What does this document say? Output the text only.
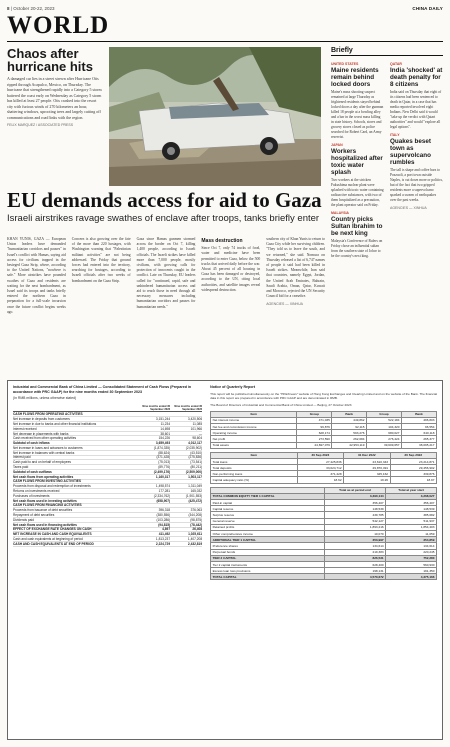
8 | October 20-22, 2023	CHINA DAILY
WORLD
Chaos after hurricane hits

A damaged car lies in a street strewn after Hurricane Otis ripped through Acapulco, Mexico, on Thursday. The hurricane that strengthened rapidly into a Category 5 storm battered the coast early on Wednesday as Category 5 storm has killed at least 27 people. Otis crashed into the resort city with furious winds of 270 kilometers an hour, shattering windows, uprooting trees and largely cutting off communications and road links with the region.

FELIX MARQUEZ / ASSOCIATED PRESS
Briefly
UNITED STATES
Maine residents remain behind locked doors
Maine's mass shooting suspect remained at large Thursday as frightened residents stayed behind locked doors a day after the gunman killed 18 people at a bowling alley and a bar in the worst mass killing in state history. Schools, stores and grocery stores closed as police searched for Robert Card, an Army reservist.
JAPAN
Workers hospitalized after toxic water splash
Two workers at the stricken Fukushima nuclear plant were splashed with toxic water containing radioactive substances, with two of them hospitalized as a precaution, the plant operator said on Friday.
MALAYSIA
Country picks Sultan Ibrahim to be next king
Malaysia's Conference of Rulers on Friday chose an influential sultan from the southern state of Johor to be the country's next king.
QATAR
India 'shocked' at death penalty for 8 citizens
India said on Thursday that eight of its citizens had been sentenced to death in Qatar, in a case that has media reported involved eight Indians. New Delhi said it would "take up the verdict with Qatari authorities" and would "explore all legal options".
ITALY
Quakes beset town as supervolcano rumbles
The tall is shape and coffee bars to Pozzuoli, a port town outside Naples, is cut down more or politics, but of the fact that two gripped residents more a supervolcano sparked a swarm of earthquakes over the past weeks.
AGENCIES — XINHUA
EU demands access for aid to Gaza
Israeli airstrikes ravage swathes of enclave after troops, tanks briefly enter
KHAN YUNIS, GAZA — European Union leaders have demanded "humanitarian corridors and pauses" in Israel's conflict with Hamas, saying aid access for civilians trapped in the besieged Gaza Strip, where, according to the United Nations, "nowhere is safe." More airstrikes have pounded swathes of Gaza and residents are waiting for the next bombardment, as Israel said its troops and tanks briefly entered the northern Gaza in preparation for a full-scale incursion once the future conflict begins weeks ago.
Concern is also growing over the fate of the more than 220 hostages, with Washington warning that "Palestinian militant activities" are not being addressed. The Friday that ground forces had entered into the territory, searching for hostages, according to Israeli officials after two weeks of bombardment on the Gaza Strip.
Gaza since Hamas gunmen stormed across the border on Oct 7, killing 1,400 people, according to Israeli officials. The Israeli strikes have killed more than 7,000 people, mostly civilians, with growing calls for protection of innocents caught in the conflict. Late on Thursday, EU leaders called for "continued, rapid, safe and unhindered humanitarian access and aid to reach those in need through all necessary measures including humanitarian corridors and pauses for humanitarian needs."
Mass destruction
Since Oct 7, only 74 trucks of food, water and medicine have been permitted to enter Gaza, below the 500 trucks that arrived daily before the war. About 45 percent of all housing in Gaza has been damaged or destroyed, according to the UN, citing local authorities, and satellite images reveal widespread destruction.
southern city of Khan Yunis to return to Gaza City while her surviving children. "They told us to leave the south, and we returned," she said. Nomura on Thursday released a list of 6,747 names of people it said had been killed in Israeli strikes. Meanwhile, Iran said that countries, namely Egypt, Jordan, the United Arab Emirates, Bahrain, Saudi Arabia, Oman, Qatar, Kuwait and Morocco, rejected the UN Security Council bid for a ceasefire.
AGENCIES — XINHUA
Industrial and Commercial Bank of China Limited — Consolidated Statement of Cash Flows (Prepared in accordance with PRC GAAP) for the nine months ended 30 September 2023
(In RMB millions, unless otherwise stated)
Nine months ended 30 September 2023
Nine months ended 30 September 2022
CASH FLOWS FROM OPERATING ACTIVITIES
Net increase in deposits from customers	3,151,244	3,420,506
Net increase in due to banks and other financial institutions	11,234	11,085
Interest received	14,698	101,966
Net decrease in placements with banks	38,601	—
Cash received from other operating activities	154,226	98,604
Subtotal of cash inflows	3,659,493	4,012,117
Net increase in loans and advances to customers	(1,874,335)	(2,035,902)
Net increase in balances with central banks	(88,624)	(43,510)
Interest paid	(371,428)	(275,836)
Cash paid to and on behalf of employees	(75,013)	(73,541)
Taxes paid	(89,776)	(80,211)
Subtotal of cash outflows	(2,499,176)	(2,509,000)
Net cash flows from operating activities	1,160,317	1,503,117
CASH FLOWS FROM INVESTING ACTIVITIES
Proceeds from disposal and redemption of investments	1,498,574	1,311,049
Returns on investments received	177,281	165,032
Purchases of investments	(2,334,762)	(1,901,553)
Net cash flows used in investing activities	(658,907)	(425,472)
CASH FLOWS FROM FINANCING ACTIVITIES
Proceeds from issuance of debt securities	396,318	376,063
Repayment of debt securities	(380,556)	(344,208)
Dividends paid	(103,286)	(98,875)
Net cash flows used in financing activities	(94,815)	(78,442)
EFFECT OF EXCHANGE RATE CHANGES ON CASH	4,897	26,408
NET INCREASE IN CASH AND CASH EQUIVALENTS	411,492	1,025,611
Cash and cash equivalents at beginning of period	1,813,237	1,407,208
CASH AND CASH EQUIVALENTS AT END OF PERIOD	2,224,729	2,432,819
Notice of Quarterly Report
This report will be published simultaneously on the "HKEXnews" website of Hong Kong Exchanges and Clearing Limited and on the website of the Bank. The financial data in this report are prepared in accordance with PRC GAAP and are denominated in RMB.
The Board of Directors of Industrial and Commercial Bank of China Limited — Beijing, 27 October 2023
Item	Group	Bank	Group	Bank
Net interest income	471,035	449,862	522,184	496,803
Net fee and commission income	99,876	92,115	104,320	96,554
Operating income	628,174	593,276	680,027	640,118
Net profit	273,590	262,084	276,424	265,377
Total assets	44,697,079	42,953,119	39,609,657	38,095,217
Item	30 Sep 2023	31 Dec 2022	30 Sep 2022
Total loans	27,425,836	23,610,343	23,214,871
Total deposits	33,024,712	29,870,491	29,456,902
Non-performing loans	371,428	345,162	339,876
Capital adequacy ratio (%)	18.62	19.26	18.97
	Total as at period end	Total at year start
TOTAL COMMON EQUITY TIER 1 CAPITAL	3,390,144	3,268,027
Paid-in capital	356,407	356,407
Capital reserve	148,539	148,539
Surplus reserve	439,785	385,682
General reserve	542,127	511,937
Retained profits	1,893,216	1,854,403
Other comprehensive income	10,070	11,059
ADDITIONAL TIER 1 CAPITAL	353,997	354,859
Preference shares	134,614	134,614
Perpetual bonds	219,383	220,245
TIER 2 CAPITAL	826,531	752,280
Tier 2 capital instruments	628,400	560,930
Excess loan loss provisions	198,131	191,350
TOTAL CAPITAL	4,570,672	4,375,166
